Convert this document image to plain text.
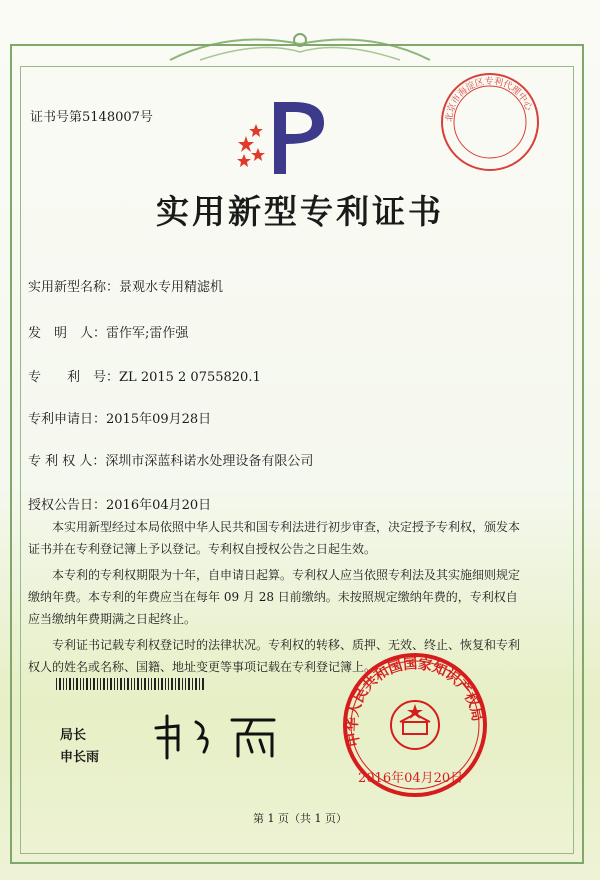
证书号第5148007号	北京市海淀区专利代理中心
实用新型专利证书
实用新型名称：景观水专用精滤机
发　明　人：雷作军;雷作强
专　　利　号：ZL 2015 2 0755820.1
专利申请日：2015年09月28日
专 利 权 人：深圳市深蓝科诺水处理设备有限公司
授权公告日：2016年04月20日

本实用新型经过本局依照中华人民共和国专利法进行初步审查，决定授予专利权，颁发本证书并在专利登记簿上予以登记。专利权自授权公告之日起生效。

本专利的专利权期限为十年，自申请日起算。专利权人应当依照专利法及其实施细则规定缴纳年费。本专利的年费应当在每年 09 月 28 日前缴纳。未按照规定缴纳年费的，专利权自应当缴纳年费期满之日起终止。

专利证书记载专利权登记时的法律状况。专利权的转移、质押、无效、终止、恢复和专利权人的姓名或名称、国籍、地址变更等事项记载在专利登记簿上。

局长
申长雨
中华人民共和国国家知识产权局
2016年04月20日
第 1 页（共 1 页）
